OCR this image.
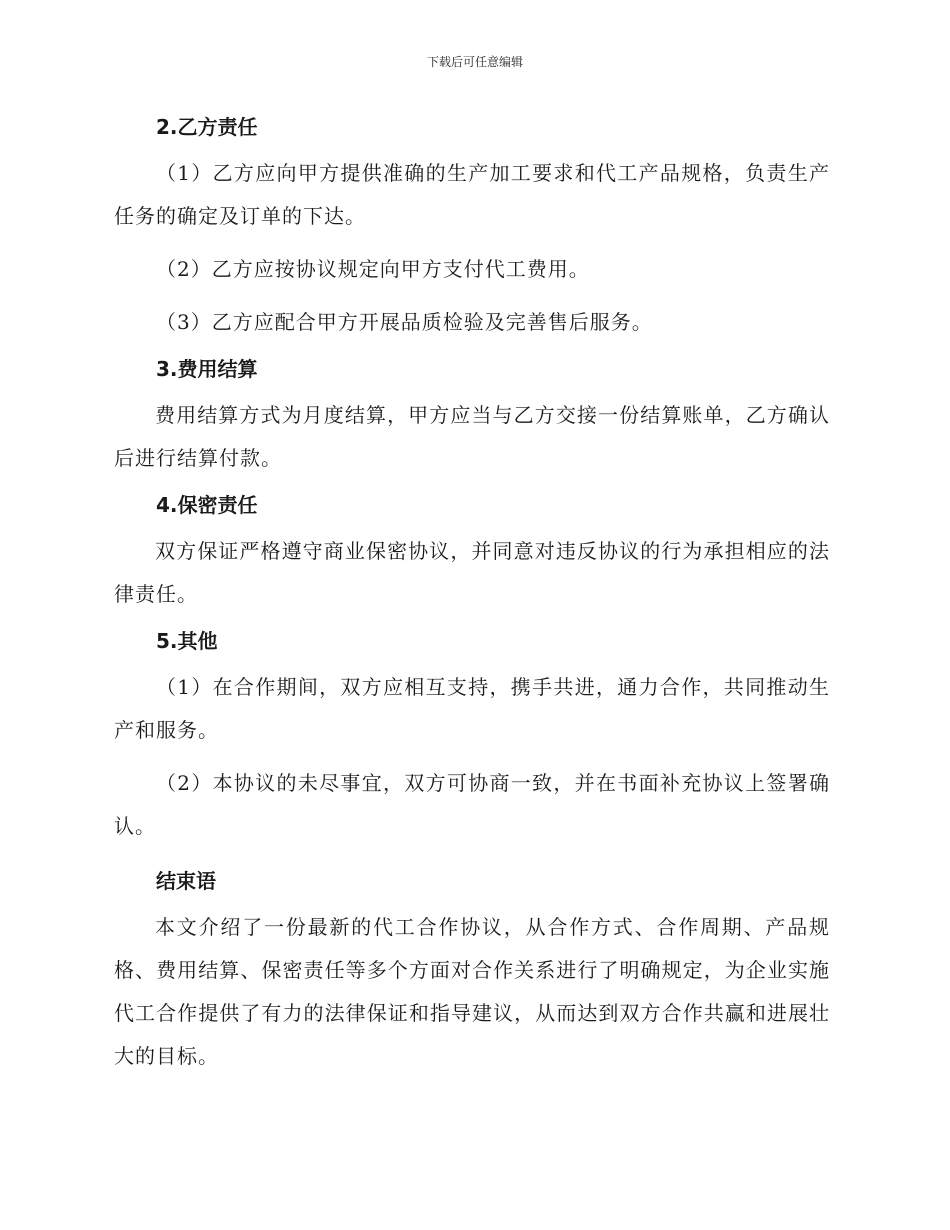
下载后可任意编辑
2.乙方责任

（1）乙方应向甲方提供准确的生产加工要求和代工产品规格，负责生产任务的确定及订单的下达。

（2）乙方应按协议规定向甲方支付代工费用。

（3）乙方应配合甲方开展品质检验及完善售后服务。

3.费用结算

费用结算方式为月度结算，甲方应当与乙方交接一份结算账单，乙方确认后进行结算付款。

4.保密责任

双方保证严格遵守商业保密协议，并同意对违反协议的行为承担相应的法律责任。

5.其他

（1）在合作期间，双方应相互支持，携手共进，通力合作，共同推动生产和服务。

（2）本协议的未尽事宜，双方可协商一致，并在书面补充协议上签署确认。

结束语

本文介绍了一份最新的代工合作协议，从合作方式、合作周期、产品规格、费用结算、保密责任等多个方面对合作关系进行了明确规定，为企业实施代工合作提供了有力的法律保证和指导建议，从而达到双方合作共赢和进展壮大的目标。
